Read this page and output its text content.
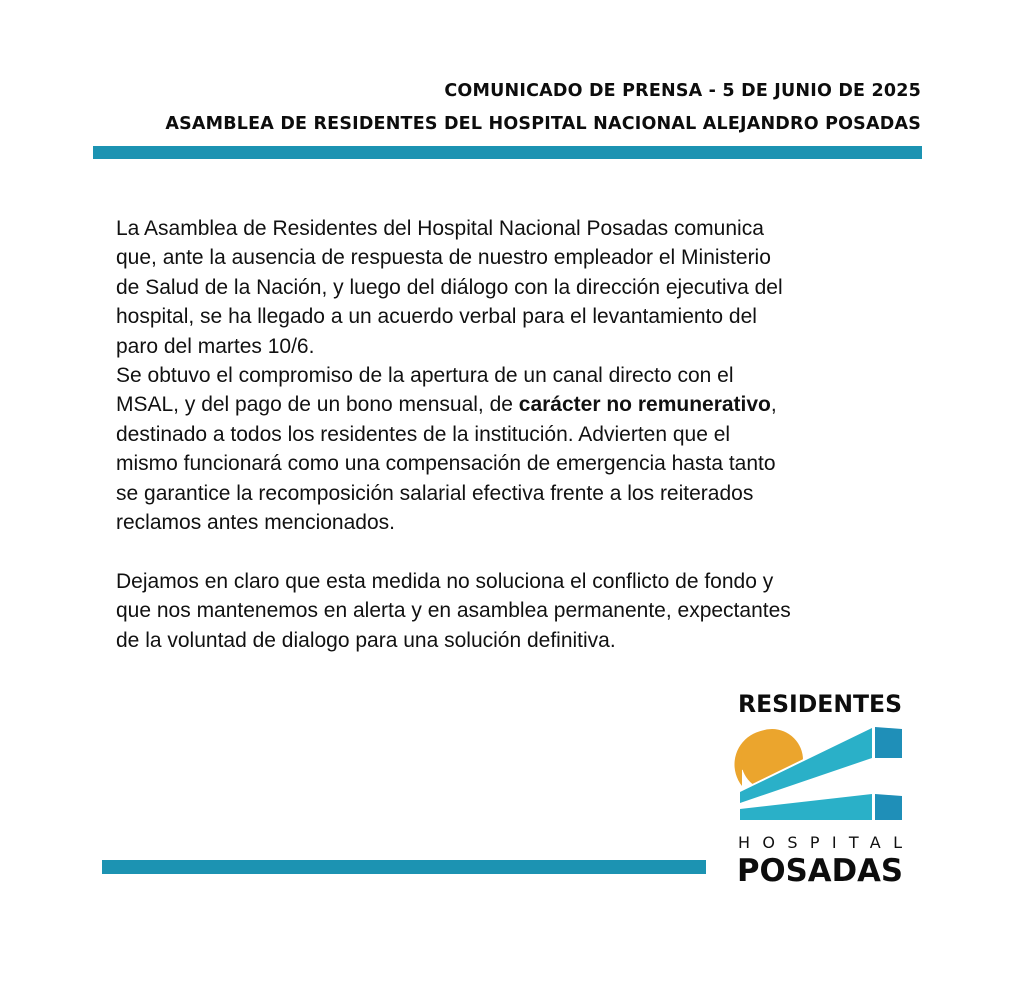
COMUNICADO DE PRENSA - 5 DE JUNIO DE 2025
ASAMBLEA DE RESIDENTES DEL HOSPITAL NACIONAL ALEJANDRO POSADAS
La Asamblea de Residentes del Hospital Nacional Posadas comunica
que, ante la ausencia de respuesta de nuestro empleador el Ministerio
de Salud de la Nación, y luego del diálogo con la dirección ejecutiva del
hospital, se ha llegado a un acuerdo verbal para el levantamiento del
paro del martes 10/6.
Se obtuvo el compromiso de la apertura de un canal directo con el
MSAL, y del pago de un bono mensual, de carácter no remunerativo,
destinado a todos los residentes de la institución. Advierten que el
mismo funcionará como una compensación de emergencia hasta tanto
se garantice la recomposición salarial efectiva frente a los reiterados
reclamos antes mencionados.
Dejamos en claro que esta medida no soluciona el conflicto de fondo y
que nos mantenemos en alerta y en asamblea permanente, expectantes
de la voluntad de dialogo para una solución definitiva.
RESIDENTES
HOSPITAL
POSADAS
